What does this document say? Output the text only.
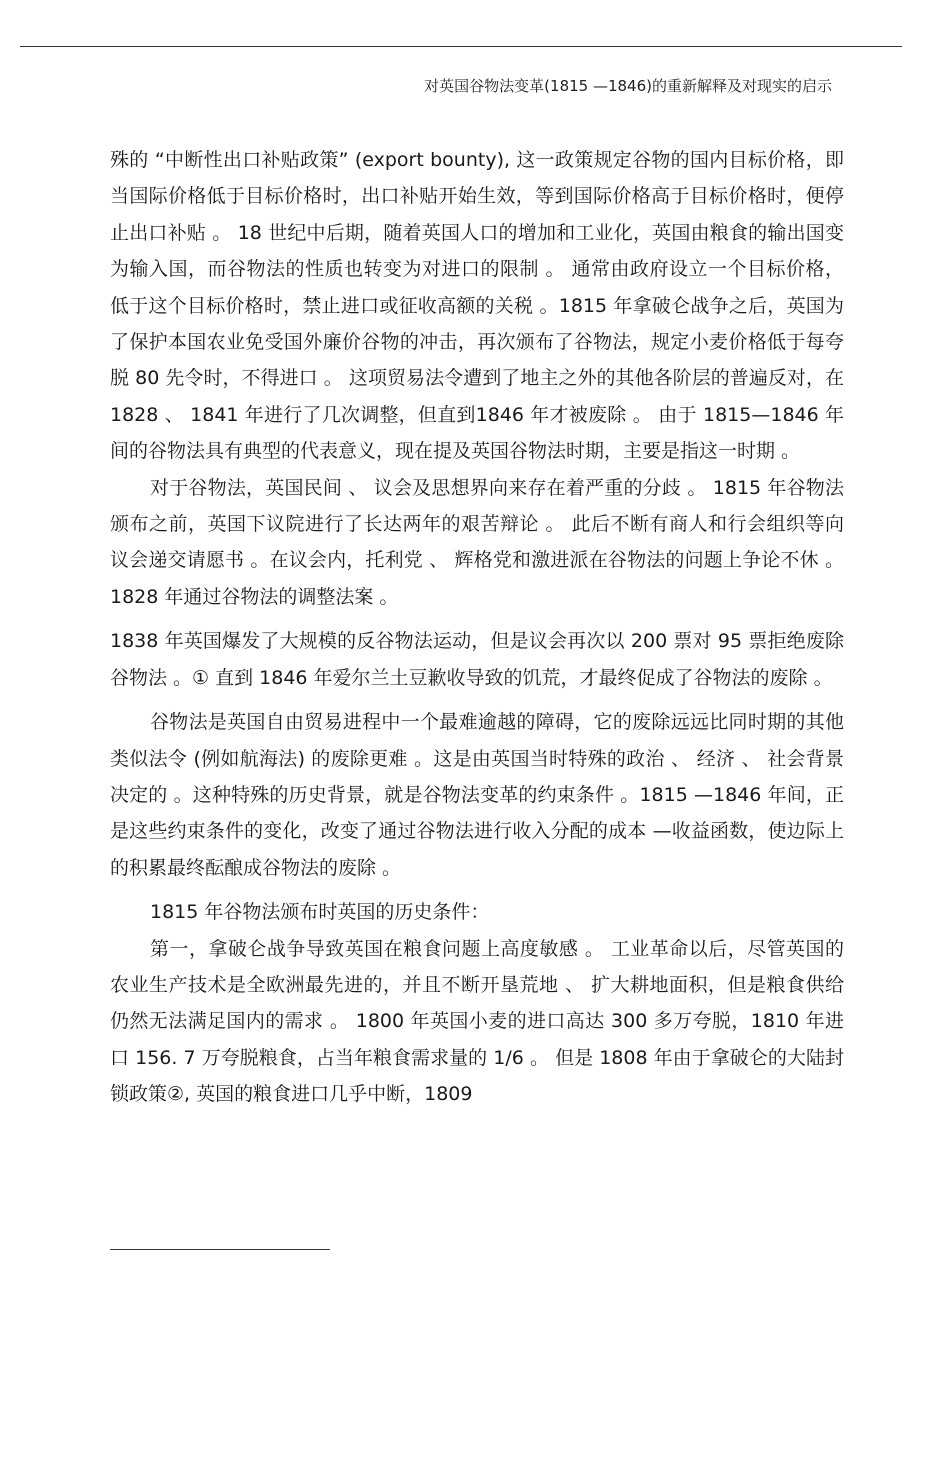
对英国谷物法变革(1815 —1846)的重新解释及对现实的启示

殊的 “中断性出口补贴政策” (export bounty), 这一政策规定谷物的国内目标价格，即当国际价格低于目标价格时，出口补贴开始生效，等到国际价格高于目标价格时，便停止出口补贴 。 18 世纪中后期，随着英国人口的增加和工业化，英国由粮食的输出国变为输入国，而谷物法的性质也转变为对进口的限制 。 通常由政府设立一个目标价格，低于这个目标价格时，禁止进口或征收高额的关税 。1815 年拿破仑战争之后，英国为了保护本国农业免受国外廉价谷物的冲击，再次颁布了谷物法，规定小麦价格低于每夸脱 80 先令时，不得进口 。 这项贸易法令遭到了地主之外的其他各阶层的普遍反对，在 1828 、 1841 年进行了几次调整，但直到1846 年才被废除 。 由于 1815—1846 年间的谷物法具有典型的代表意义，现在提及英国谷物法时期，主要是指这一时期 。

对于谷物法，英国民间 、 议会及思想界向来存在着严重的分歧 。 1815 年谷物法颁布之前，英国下议院进行了长达两年的艰苦辩论 。 此后不断有商人和行会组织等向议会递交请愿书 。在议会内，托利党 、 辉格党和激进派在谷物法的问题上争论不休 。1828 年通过谷物法的调整法案 。

1838 年英国爆发了大规模的反谷物法运动，但是议会再次以 200 票对 95 票拒绝废除谷物法 。① 直到 1846 年爱尔兰土豆歉收导致的饥荒，才最终促成了谷物法的废除 。

谷物法是英国自由贸易进程中一个最难逾越的障碍，它的废除远远比同时期的其他类似法令 (例如航海法) 的废除更难 。这是由英国当时特殊的政治 、 经济 、 社会背景决定的 。这种特殊的历史背景，就是谷物法变革的约束条件 。1815 —1846 年间，正是这些约束条件的变化，改变了通过谷物法进行收入分配的成本 —收益函数，使边际上的积累最终酝酿成谷物法的废除 。

1815 年谷物法颁布时英国的历史条件：

第一，拿破仑战争导致英国在粮食问题上高度敏感 。 工业革命以后，尽管英国的农业生产技术是全欧洲最先进的，并且不断开垦荒地 、 扩大耕地面积，但是粮食供给仍然无法满足国内的需求 。 1800 年英国小麦的进口高达 300 多万夸脱，1810 年进口 156. 7 万夸脱粮食，占当年粮食需求量的 1/6 。 但是 1808 年由于拿破仑的大陆封锁政策②, 英国的粮食进口几乎中断，1809
